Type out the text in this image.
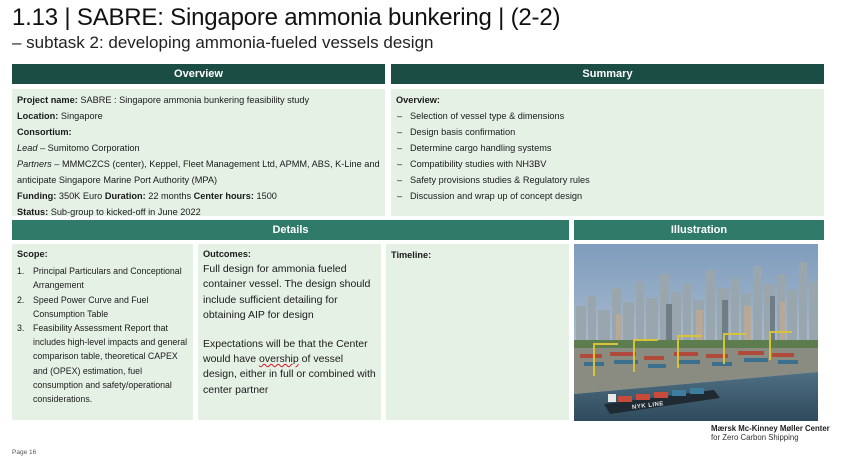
1.13 | SABRE: Singapore ammonia bunkering | (2-2)
– subtask 2: developing ammonia-fueled vessels design
Overview	Summary
Project name: SABRE : Singapore ammonia bunkering feasibility study
Location: Singapore
Consortium:
Lead – Sumitomo Corporation
Partners – MMMCZCS (center), Keppel, Fleet Management Ltd, APMM, ABS, K-Line and anticipate Singapore Marine Port Authority (MPA)
Funding: 350K Euro Duration: 22 months Center hours: 1500
Status: Sub-group to kicked-off in June 2022
Overview:
– Selection of vessel type & dimensions
– Design basis confirmation
– Determine cargo handling systems
– Compatibility studies with NH3BV
– Safety provisions studies & Regulatory rules
– Discussion and wrap up of concept design
Details	Illustration
Scope:
1. Principal Particulars and Conceptional Arrangement
2. Speed Power Curve and Fuel Consumption Table
3. Feasibility Assessment Report that includes high-level impacts and general comparison table, theoretical CAPEX and (OPEX) estimation, fuel consumption and safety/operational considerations.
Outcomes:

Full design for ammonia fueled container vessel. The design should include sufficient detailing for obtaining AIP for design

Expectations will be that the Center would have overship of vessel design, either in full or combined with center partner

Timeline:
NYK LINE
Mærsk Mc-Kinney Møller Center
for Zero Carbon Shipping
Page 16
